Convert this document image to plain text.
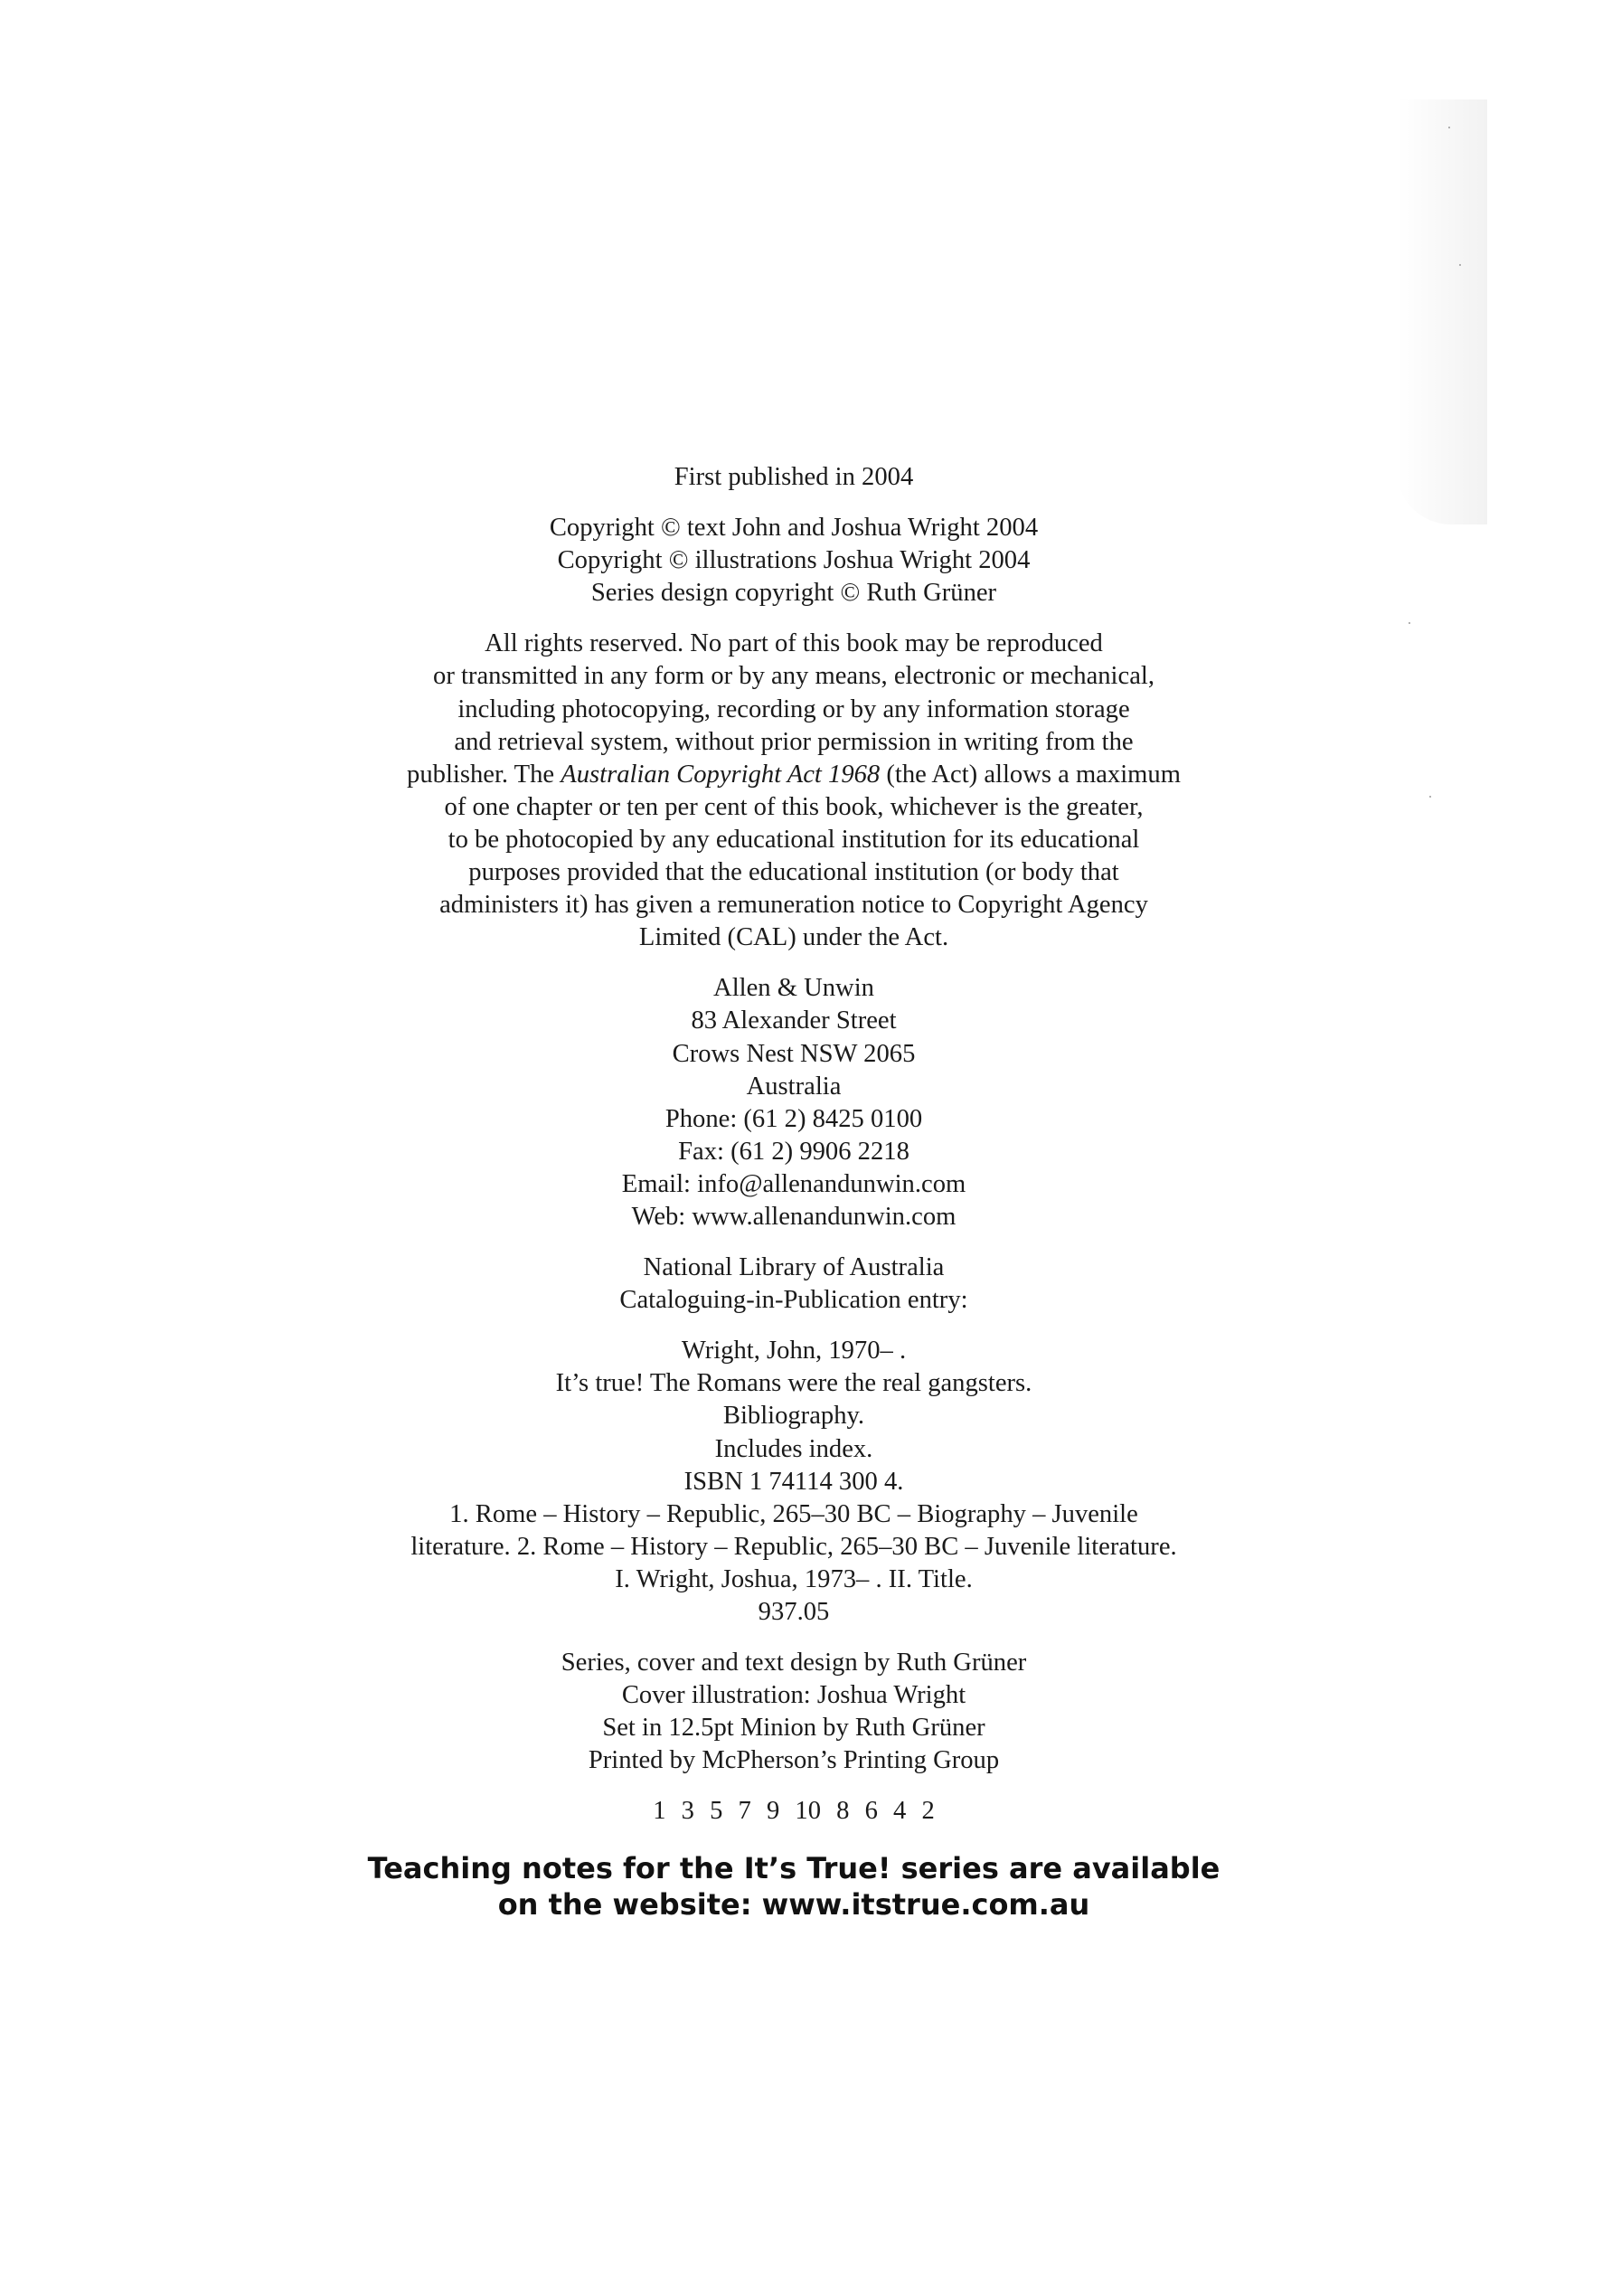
First published in 2004

Copyright © text John and Joshua Wright 2004
Copyright © illustrations Joshua Wright 2004
Series design copyright © Ruth Grüner

All rights reserved. No part of this book may be reproduced
or transmitted in any form or by any means, electronic or mechanical,
including photocopying, recording or by any information storage
and retrieval system, without prior permission in writing from the
publisher. The Australian Copyright Act 1968 (the Act) allows a maximum
of one chapter or ten per cent of this book, whichever is the greater,
to be photocopied by any educational institution for its educational
purposes provided that the educational institution (or body that
administers it) has given a remuneration notice to Copyright Agency
Limited (CAL) under the Act.

Allen & Unwin
83 Alexander Street
Crows Nest NSW 2065
Australia
Phone: (61 2) 8425 0100
Fax: (61 2) 9906 2218
Email: info@allenandunwin.com
Web: www.allenandunwin.com

National Library of Australia
Cataloguing-in-Publication entry:

Wright, John, 1970– .
It’s true! The Romans were the real gangsters.
Bibliography.
Includes index.
ISBN 1 74114 300 4.
1. Rome – History – Republic, 265–30 BC – Biography – Juvenile
literature. 2. Rome – History – Republic, 265–30 BC – Juvenile literature.
I. Wright, Joshua, 1973– . II. Title.
937.05

Series, cover and text design by Ruth Grüner
Cover illustration: Joshua Wright
Set in 12.5pt Minion by Ruth Grüner
Printed by McPherson’s Printing Group

1 3 5 7 9 10 8 6 4 2

Teaching notes for the It’s True! series are available
on the website: www.itstrue.com.au
